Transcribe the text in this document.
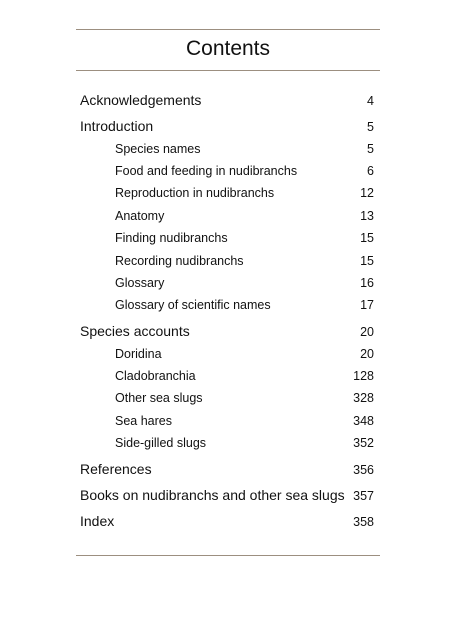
Contents
Acknowledgements	4
Introduction	5
Species names	5
Food and feeding in nudibranchs	6
Reproduction in nudibranchs	12
Anatomy	13
Finding nudibranchs	15
Recording nudibranchs	15
Glossary	16
Glossary of scientific names	17
Species accounts	20
Doridina	20
Cladobranchia	128
Other sea slugs	328
Sea hares	348
Side-gilled slugs	352
References	356
Books on nudibranchs and other sea slugs 357
Index	358
